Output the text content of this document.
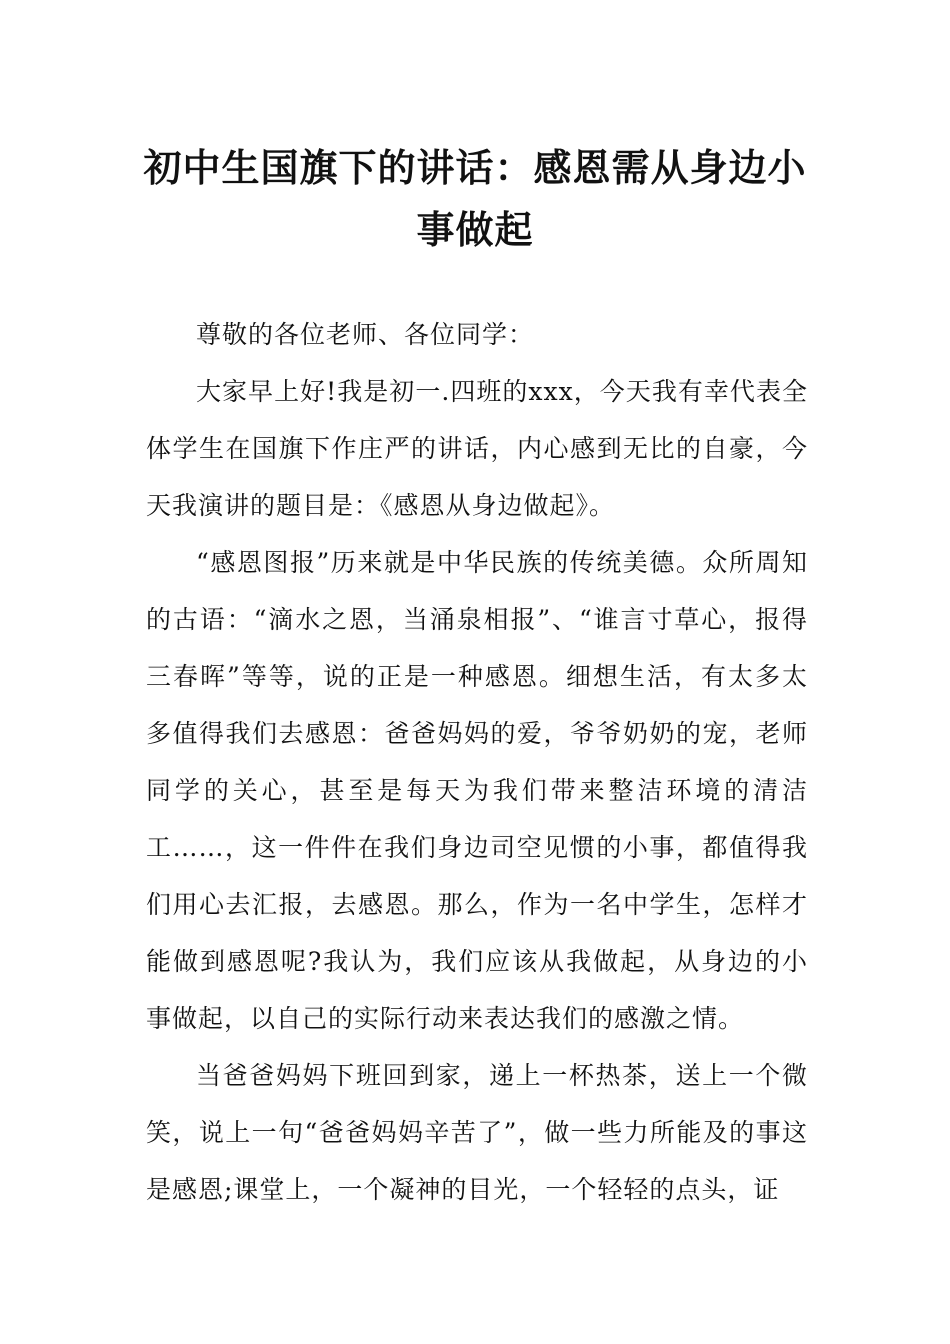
初中生国旗下的讲话：感恩需从身边小事做起

尊敬的各位老师、各位同学：

大家早上好!我是初一.四班的xxx，今天我有幸代表全体学生在国旗下作庄严的讲话，内心感到无比的自豪，今天我演讲的题目是：《感恩从身边做起》。

“感恩图报”历来就是中华民族的传统美德。众所周知的古语：“滴水之恩，当涌泉相报”、“谁言寸草心，报得三春晖”等等，说的正是一种感恩。细想生活，有太多太多值得我们去感恩：爸爸妈妈的爱，爷爷奶奶的宠，老师同学的关心，甚至是每天为我们带来整洁环境的清洁工……，这一件件在我们身边司空见惯的小事，都值得我们用心去汇报，去感恩。那么，作为一名中学生，怎样才能做到感恩呢?我认为，我们应该从我做起，从身边的小事做起，以自己的实际行动来表达我们的感激之情。

当爸爸妈妈下班回到家，递上一杯热茶，送上一个微笑，说上一句“爸爸妈妈辛苦了”，做一些力所能及的事这是感恩;课堂上，一个凝神的目光，一个轻轻的点头，证
